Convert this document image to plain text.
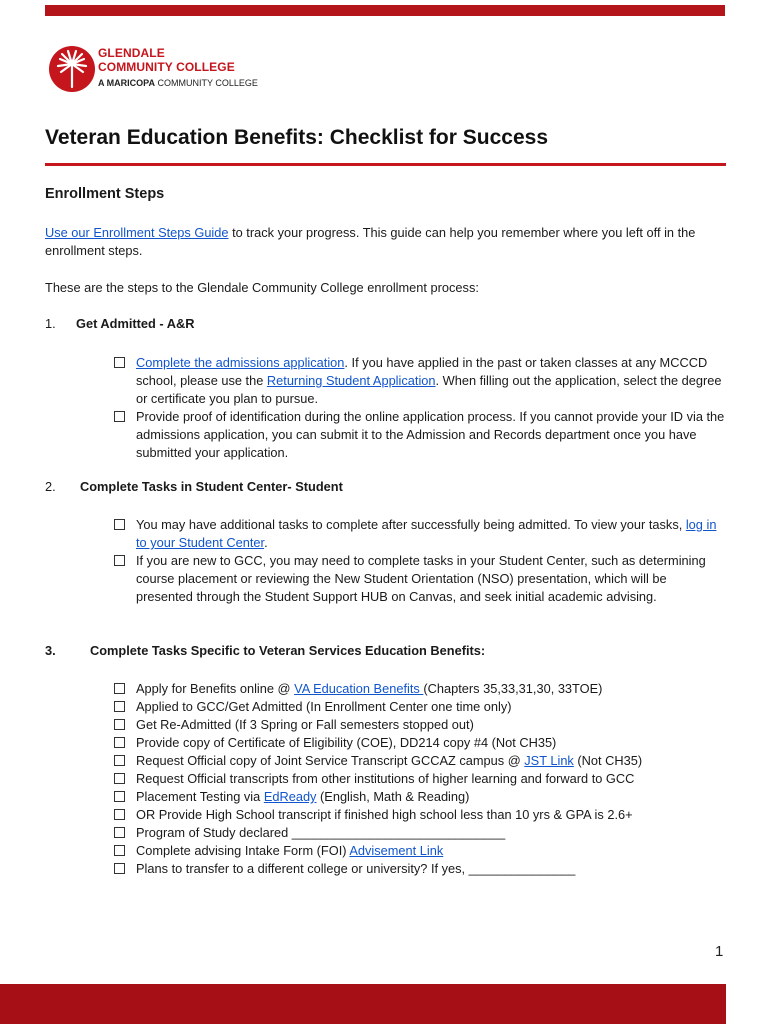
GLENDALE
COMMUNITY COLLEGE
A MARICOPA COMMUNITY COLLEGE
Veteran Education Benefits: Checklist for Success
Enrollment Steps

Use our Enrollment Steps Guide to track your progress. This guide can help you remember where you left off in the enrollment steps.

These are the steps to the Glendale Community College enrollment process:

1. Get Admitted - A&R
Complete the admissions application. If you have applied in the past or taken classes at any MCCCD school, please use the Returning Student Application. When filling out the application, select the degree or certificate you plan to pursue.
Provide proof of identification during the online application process. If you cannot provide your ID via the admissions application, you can submit it to the Admission and Records department once you have submitted your application.
2. Complete Tasks in Student Center- Student
You may have additional tasks to complete after successfully being admitted. To view your tasks, log in to your Student Center.
If you are new to GCC, you may need to complete tasks in your Student Center, such as determining course placement or reviewing the New Student Orientation (NSO) presentation, which will be presented through the Student Support HUB on Canvas, and seek initial academic advising.
3.	Complete Tasks Specific to Veteran Services Education Benefits:
Apply for Benefits online @ VA Education Benefits (Chapters 35,33,31,30, 33TOE)
Applied to GCC/Get Admitted (In Enrollment Center one time only)
Get Re-Admitted (If 3 Spring or Fall semesters stopped out)
Provide copy of Certificate of Eligibility (COE), DD214 copy #4 (Not CH35)
Request Official copy of Joint Service Transcript GCCAZ campus @ JST Link (Not CH35)
Request Official transcripts from other institutions of higher learning and forward to GCC
Placement Testing via EdReady (English, Math & Reading)
OR Provide High School transcript if finished high school less than 10 yrs & GPA is 2.6+
Program of Study declared ______________________________
Complete advising Intake Form (FOI) Advisement Link
Plans to transfer to a different college or university? If yes, _______________
1
